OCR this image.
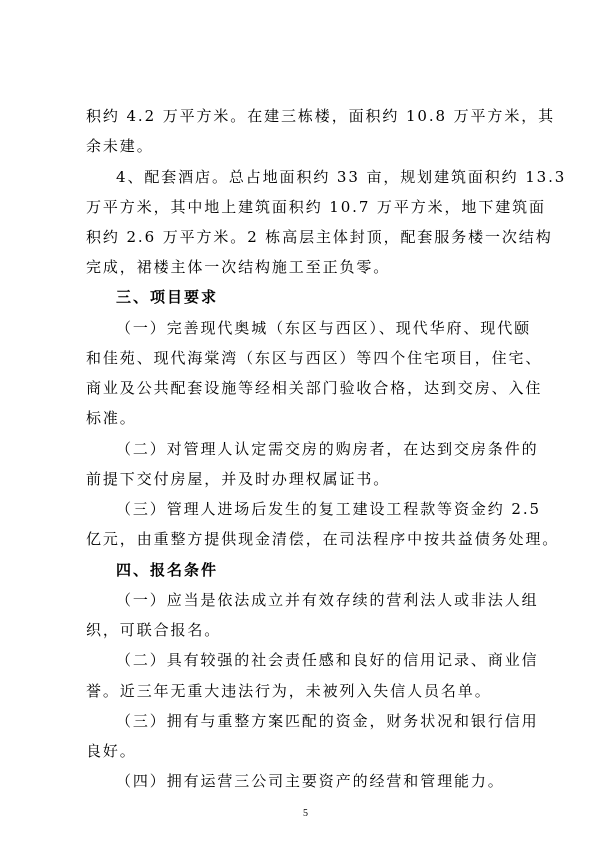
积约 4.2 万平方米。在建三栋楼，面积约 10.8 万平方米，其
余未建。
4、配套酒店。总占地面积约 33 亩，规划建筑面积约 13.3
万平方米，其中地上建筑面积约 10.7 万平方米，地下建筑面
积约 2.6 万平方米。2 栋高层主体封顶，配套服务楼一次结构
完成，裙楼主体一次结构施工至正负零。
三、项目要求
（一）完善现代奥城（东区与西区）、现代华府、现代颐
和佳苑、现代海棠湾（东区与西区）等四个住宅项目，住宅、
商业及公共配套设施等经相关部门验收合格，达到交房、入住
标准。
（二）对管理人认定需交房的购房者，在达到交房条件的
前提下交付房屋，并及时办理权属证书。
（三）管理人进场后发生的复工建设工程款等资金约 2.5
亿元，由重整方提供现金清偿，在司法程序中按共益债务处理。
四、报名条件
（一）应当是依法成立并有效存续的营利法人或非法人组
织，可联合报名。
（二）具有较强的社会责任感和良好的信用记录、商业信
誉。近三年无重大违法行为，未被列入失信人员名单。
（三）拥有与重整方案匹配的资金，财务状况和银行信用
良好。
（四）拥有运营三公司主要资产的经营和管理能力。
5
